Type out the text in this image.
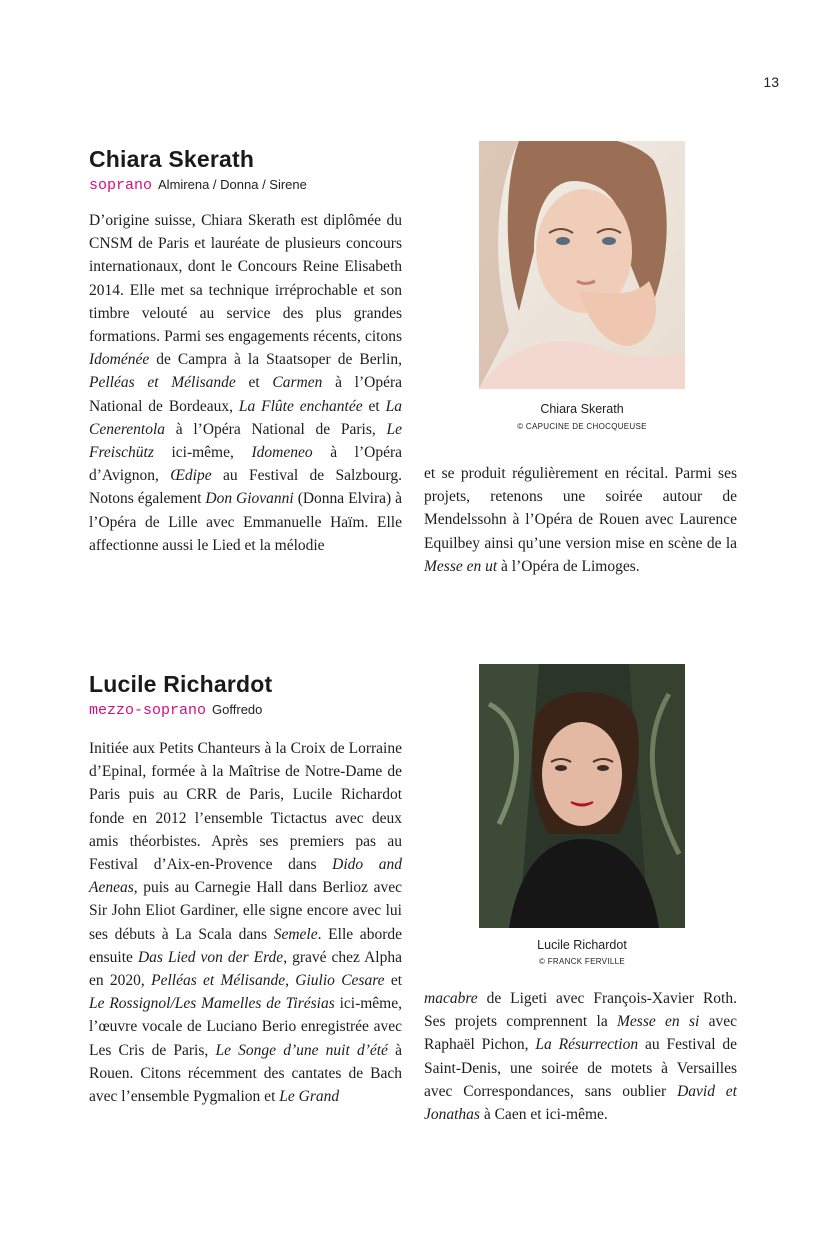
13
Chiara Skerath
soprano Almirena / Donna / Sirene

D’origine suisse, Chiara Skerath est diplômée du CNSM de Paris et lauréate de plusieurs concours internationaux, dont le Concours Reine Elisabeth 2014. Elle met sa technique irréprochable et son timbre velouté au service des plus grandes formations. Parmi ses engagements récents, citons Idoménée de Campra à la Staatsoper de Berlin, Pelléas et Mélisande et Carmen à l’Opéra National de Bordeaux, La Flûte enchantée et La Cenerentola à l’Opéra National de Paris, Le Freischütz ici-même, Idomeneo à l’Opéra d’Avignon, Œdipe au Festival de Salzbourg. Notons également Don Giovanni (Donna Elvira) à l’Opéra de Lille avec Emmanuelle Haïm. Elle affectionne aussi le Lied et la mélodie

Chiara Skerath
© CAPUCINE DE CHOCQUEUSE

et se produit régulièrement en récital. Parmi ses projets, retenons une soirée autour de Mendelssohn à l’Opéra de Rouen avec Laurence Equilbey ainsi qu’une version mise en scène de la Messe en ut à l’Opéra de Limoges.

Lucile Richardot
mezzo-soprano Goffredo

Initiée aux Petits Chanteurs à la Croix de Lorraine d’Epinal, formée à la Maîtrise de Notre-Dame de Paris puis au CRR de Paris, Lucile Richardot fonde en 2012 l’ensemble Tictactus avec deux amis théorbistes. Après ses premiers pas au Festival d’Aix-en-Provence dans Dido and Aeneas, puis au Carnegie Hall dans Berlioz avec Sir John Eliot Gardiner, elle signe encore avec lui ses débuts à La Scala dans Semele. Elle aborde ensuite Das Lied von der Erde, gravé chez Alpha en 2020, Pelléas et Mélisande, Giulio Cesare et Le Rossignol/Les Mamelles de Tirésias ici-même, l’œuvre vocale de Luciano Berio enregistrée avec Les Cris de Paris, Le Songe d’une nuit d’été à Rouen. Citons récemment des cantates de Bach avec l’ensemble Pygmalion et Le Grand

Lucile Richardot
© FRANCK FERVILLE

macabre de Ligeti avec François-Xavier Roth. Ses projets comprennent la Messe en si avec Raphaël Pichon, La Résurrection au Festival de Saint-Denis, une soirée de motets à Versailles avec Correspondances, sans oublier David et Jonathas à Caen et ici-même.
